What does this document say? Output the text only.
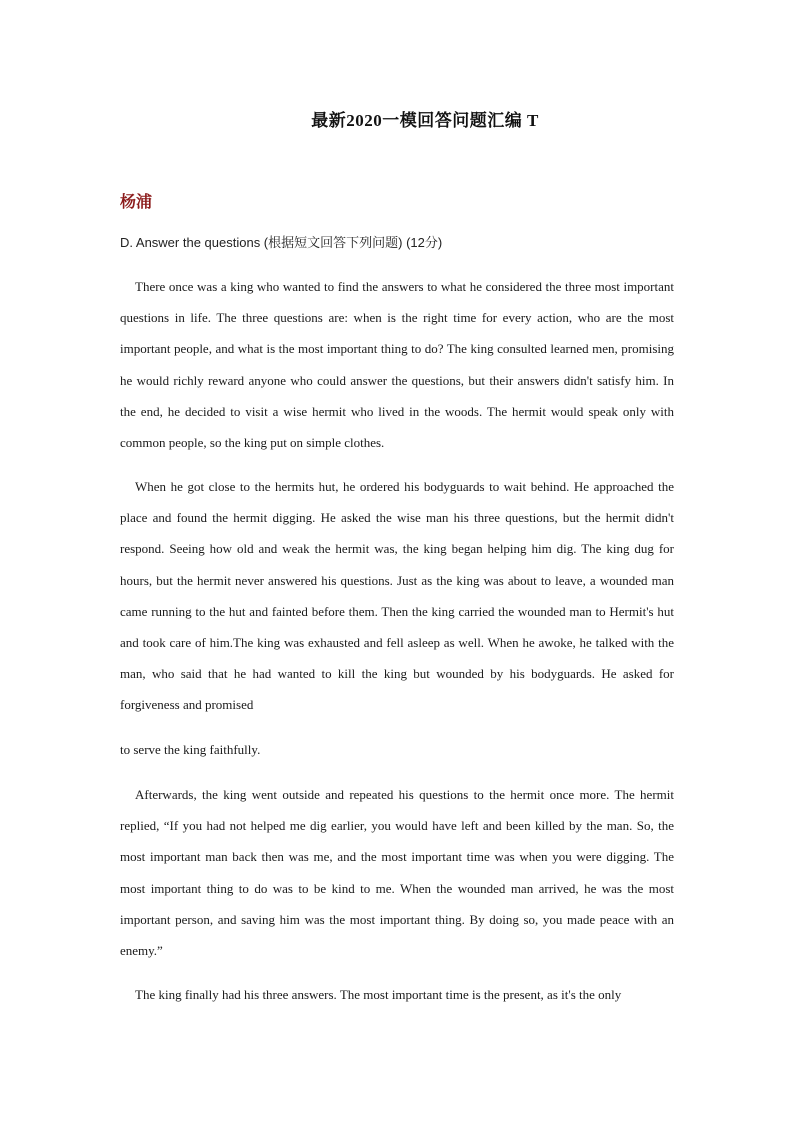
最新2020一模回答问题汇编 T
杨浦
D. Answer the questions (根据短文回答下列问题) (12分)

There once was a king who wanted to find the answers to what he considered the three most important questions in life. The three questions are: when is the right time for every action, who are the most important people, and what is the most important thing to do? The king consulted learned men, promising he would richly reward anyone who could answer the questions, but their answers didn't satisfy him. In the end, he decided to visit a wise hermit who lived in the woods. The hermit would speak only with common people, so the king put on simple clothes.

When he got close to the hermits hut, he ordered his bodyguards to wait behind. He approached the place and found the hermit digging. He asked the wise man his three questions, but the hermit didn't respond. Seeing how old and weak the hermit was, the king began helping him dig. The king dug for hours, but the hermit never answered his questions. Just as the king was about to leave, a wounded man came running to the hut and fainted before them. Then the king carried the wounded man to Hermit's hut and took care of him.The king was exhausted and fell asleep as well. When he awoke, he talked with the man, who said that he had wanted to kill the king but wounded by his bodyguards. He asked for forgiveness and promised

to serve the king faithfully.

Afterwards, the king went outside and repeated his questions to the hermit once more. The hermit replied, “If you had not helped me dig earlier, you would have left and been killed by the man. So, the most important man back then was me, and the most important time was when you were digging. The most important thing to do was to be kind to me. When the wounded man arrived, he was the most important person, and saving him was the most important thing. By doing so, you made peace with an enemy.”

The king finally had his three answers. The most important time is the present, as it's the only
